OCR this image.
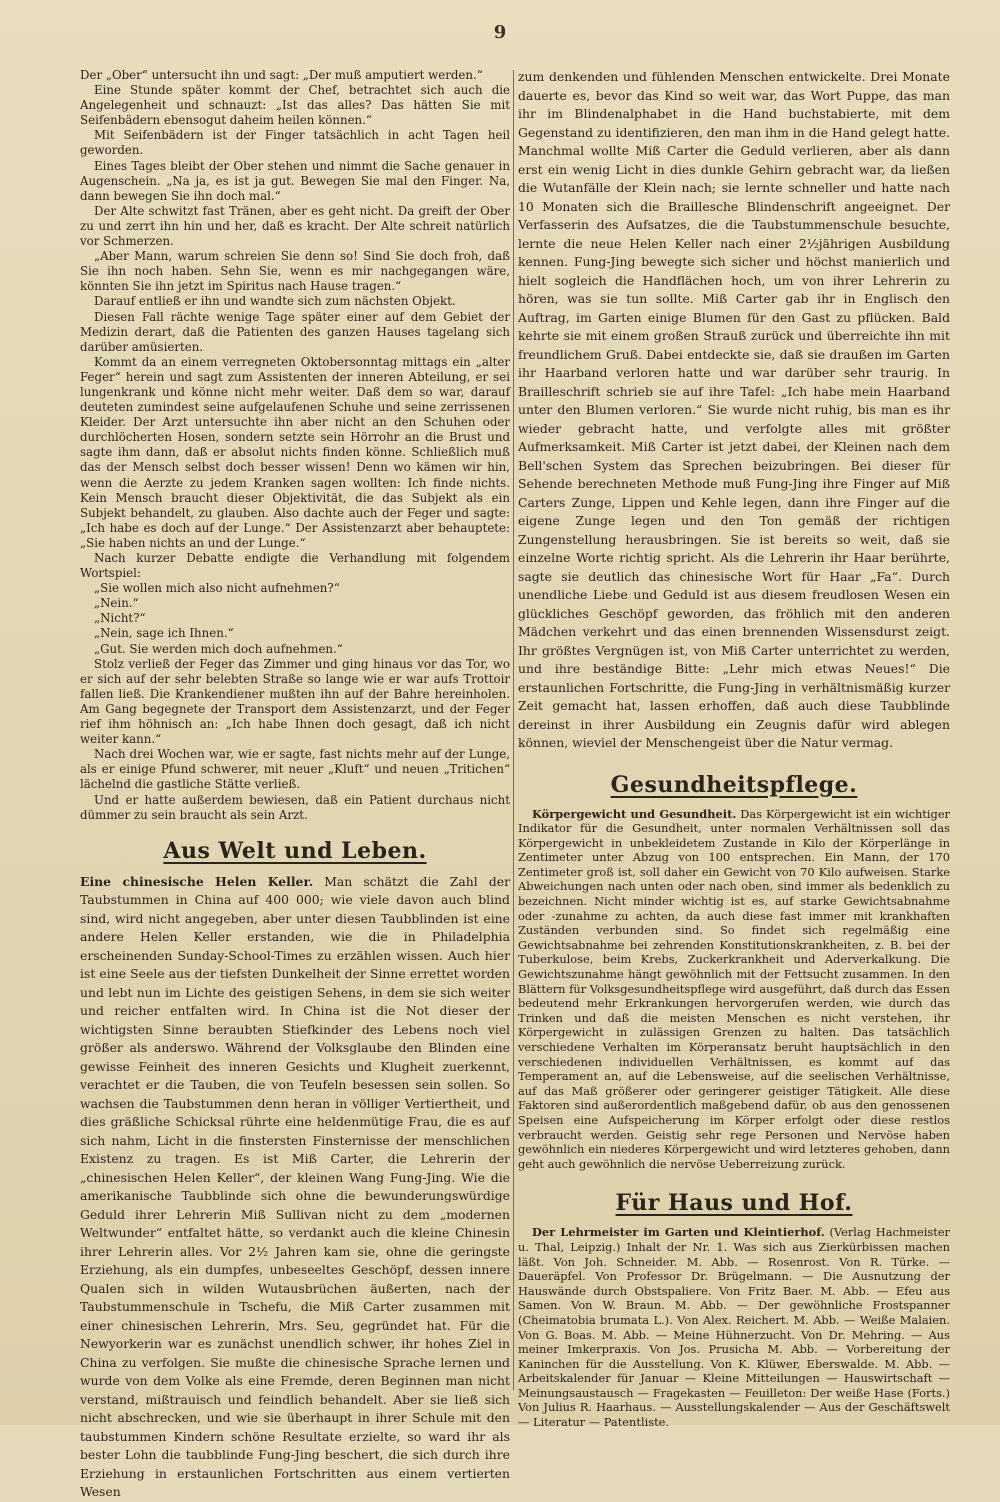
9

Der „Ober“ untersucht ihn und sagt: „Der muß amputiert werden.“

Eine Stunde später kommt der Chef, betrachtet sich auch die Angelegenheit und schnauzt: „Ist das alles? Das hätten Sie mit Seifenbädern ebensogut daheim heilen können.“

Mit Seifenbädern ist der Finger tatsächlich in acht Tagen heil geworden.

Eines Tages bleibt der Ober stehen und nimmt die Sache genauer in Augenschein. „Na ja, es ist ja gut. Bewegen Sie mal den Finger. Na, dann bewegen Sie ihn doch mal.“

Der Alte schwitzt fast Tränen, aber es geht nicht. Da greift der Ober zu und zerrt ihn hin und her, daß es kracht. Der Alte schreit natürlich vor Schmerzen.

„Aber Mann, warum schreien Sie denn so! Sind Sie doch froh, daß Sie ihn noch haben. Sehn Sie, wenn es mir nachgegangen wäre, könnten Sie ihn jetzt im Spiritus nach Hause tragen.“

Darauf entließ er ihn und wandte sich zum nächsten Objekt.

Diesen Fall rächte wenige Tage später einer auf dem Gebiet der Medizin derart, daß die Patienten des ganzen Hauses tagelang sich darüber amüsierten.

Kommt da an einem verregneten Oktobersonntag mittags ein „alter Feger“ herein und sagt zum Assistenten der inneren Abteilung, er sei lungenkrank und könne nicht mehr weiter. Daß dem so war, darauf deuteten zumindest seine aufgelaufenen Schuhe und seine zerrissenen Kleider. Der Arzt untersuchte ihn aber nicht an den Schuhen oder durchlöcherten Hosen, sondern setzte sein Hörrohr an die Brust und sagte ihm dann, daß er absolut nichts finden könne. Schließlich muß das der Mensch selbst doch besser wissen! Denn wo kämen wir hin, wenn die Aerzte zu jedem Kranken sagen wollten: Ich finde nichts. Kein Mensch braucht dieser Objektivität, die das Subjekt als ein Subjekt behandelt, zu glauben. Also dachte auch der Feger und sagte: „Ich habe es doch auf der Lunge.“ Der Assistenzarzt aber behauptete: „Sie haben nichts an und der Lunge.“

Nach kurzer Debatte endigte die Verhandlung mit folgendem Wortspiel:

„Sie wollen mich also nicht aufnehmen?“

„Nein.“

„Nicht?“

„Nein, sage ich Ihnen.“

„Gut. Sie werden mich doch aufnehmen.“

Stolz verließ der Feger das Zimmer und ging hinaus vor das Tor, wo er sich auf der sehr belebten Straße so lange wie er war aufs Trottoir fallen ließ. Die Krankendiener mußten ihn auf der Bahre hereinholen. Am Gang begegnete der Transport dem Assistenzarzt, und der Feger rief ihm höhnisch an: „Ich habe Ihnen doch gesagt, daß ich nicht weiter kann.“

Nach drei Wochen war, wie er sagte, fast nichts mehr auf der Lunge, als er einige Pfund schwerer, mit neuer „Kluft“ und neuen „Tritichen“ lächelnd die gastliche Stätte verließ.

Und er hatte außerdem bewiesen, daß ein Patient durchaus nicht dümmer zu sein braucht als sein Arzt.

Aus Welt und Leben.

Eine chinesische Helen Keller. Man schätzt die Zahl der Taubstummen in China auf 400 000; wie viele davon auch blind sind, wird nicht angegeben, aber unter diesen Taubblinden ist eine andere Helen Keller erstanden, wie die in Philadelphia erscheinenden Sunday-School-Times zu erzählen wissen. Auch hier ist eine Seele aus der tiefsten Dunkelheit der Sinne errettet worden und lebt nun im Lichte des geistigen Sehens, in dem sie sich weiter und reicher entfalten wird. In China ist die Not dieser der wichtigsten Sinne beraubten Stiefkinder des Lebens noch viel größer als anderswo. Während der Volksglaube den Blinden eine gewisse Feinheit des inneren Gesichts und Klugheit zuerkennt, verachtet er die Tauben, die von Teufeln besessen sein sollen. So wachsen die Taubstummen denn heran in völliger Vertiertheit, und dies gräßliche Schicksal rührte eine heldenmütige Frau, die es auf sich nahm, Licht in die finstersten Finsternisse der menschlichen Existenz zu tragen. Es ist Miß Carter, die Lehrerin der „chinesischen Helen Keller“, der kleinen Wang Fung-Jing. Wie die amerikanische Taubblinde sich ohne die bewunderungswürdige Geduld ihrer Lehrerin Miß Sullivan nicht zu dem „modernen Weltwunder“ entfaltet hätte, so verdankt auch die kleine Chinesin ihrer Lehrerin alles. Vor 2½ Jahren kam sie, ohne die geringste Erziehung, als ein dumpfes, unbeseeltes Geschöpf, dessen innere Qualen sich in wilden Wutausbrüchen äußerten, nach der Taubstummenschule in Tschefu, die Miß Carter zusammen mit einer chinesischen Lehrerin, Mrs. Seu, gegründet hat. Für die Newyorkerin war es zunächst unendlich schwer, ihr hohes Ziel in China zu verfolgen. Sie mußte die chinesische Sprache lernen und wurde von dem Volke als eine Fremde, deren Beginnen man nicht verstand, mißtrauisch und feindlich behandelt. Aber sie ließ sich nicht abschrecken, und wie sie überhaupt in ihrer Schule mit den taubstummen Kindern schöne Resultate erzielte, so ward ihr als bester Lohn die taubblinde Fung-Jing beschert, die sich durch ihre Erziehung in erstaunlichen Fortschritten aus einem vertierten Wesen

zum denkenden und fühlenden Menschen entwickelte. Drei Monate dauerte es, bevor das Kind so weit war, das Wort Puppe, das man ihr im Blindenalphabet in die Hand buchstabierte, mit dem Gegenstand zu identifizieren, den man ihm in die Hand gelegt hatte. Manchmal wollte Miß Carter die Geduld verlieren, aber als dann erst ein wenig Licht in dies dunkle Gehirn gebracht war, da ließen die Wutanfälle der Klein nach; sie lernte schneller und hatte nach 10 Monaten sich die Braillesche Blindenschrift angeeignet. Der Verfasserin des Aufsatzes, die die Taubstummenschule besuchte, lernte die neue Helen Keller nach einer 2½jährigen Ausbildung kennen. Fung-Jing bewegte sich sicher und höchst manierlich und hielt sogleich die Handflächen hoch, um von ihrer Lehrerin zu hören, was sie tun sollte. Miß Carter gab ihr in Englisch den Auftrag, im Garten einige Blumen für den Gast zu pflücken. Bald kehrte sie mit einem großen Strauß zurück und überreichte ihn mit freundlichem Gruß. Dabei entdeckte sie, daß sie draußen im Garten ihr Haarband verloren hatte und war darüber sehr traurig. In Brailleschrift schrieb sie auf ihre Tafel: „Ich habe mein Haarband unter den Blumen verloren.“ Sie wurde nicht ruhig, bis man es ihr wieder gebracht hatte, und verfolgte alles mit größter Aufmerksamkeit. Miß Carter ist jetzt dabei, der Kleinen nach dem Bell'schen System das Sprechen beizubringen. Bei dieser für Sehende berechneten Methode muß Fung-Jing ihre Finger auf Miß Carters Zunge, Lippen und Kehle legen, dann ihre Finger auf die eigene Zunge legen und den Ton gemäß der richtigen Zungenstellung herausbringen. Sie ist bereits so weit, daß sie einzelne Worte richtig spricht. Als die Lehrerin ihr Haar berührte, sagte sie deutlich das chinesische Wort für Haar „Fa“. Durch unendliche Liebe und Geduld ist aus diesem freudlosen Wesen ein glückliches Geschöpf geworden, das fröhlich mit den anderen Mädchen verkehrt und das einen brennenden Wissensdurst zeigt. Ihr größtes Vergnügen ist, von Miß Carter unterrichtet zu werden, und ihre beständige Bitte: „Lehr mich etwas Neues!“ Die erstaunlichen Fortschritte, die Fung-Jing in verhältnismäßig kurzer Zeit gemacht hat, lassen erhoffen, daß auch diese Taubblinde dereinst in ihrer Ausbildung ein Zeugnis dafür wird ablegen können, wieviel der Menschengeist über die Natur vermag.

Gesundheitspflege.

Körpergewicht und Gesundheit. Das Körpergewicht ist ein wichtiger Indikator für die Gesundheit, unter normalen Verhältnissen soll das Körpergewicht in unbekleidetem Zustande in Kilo der Körperlänge in Zentimeter unter Abzug von 100 entsprechen. Ein Mann, der 170 Zentimeter groß ist, soll daher ein Gewicht von 70 Kilo aufweisen. Starke Abweichungen nach unten oder nach oben, sind immer als bedenklich zu bezeichnen. Nicht minder wichtig ist es, auf starke Gewichtsabnahme oder -zunahme zu achten, da auch diese fast immer mit krankhaften Zuständen verbunden sind. So findet sich regelmäßig eine Gewichtsabnahme bei zehrenden Konstitutionskrankheiten, z. B. bei der Tuberkulose, beim Krebs, Zuckerkrankheit und Aderverkalkung. Die Gewichtszunahme hängt gewöhnlich mit der Fettsucht zusammen. In den Blättern für Volksgesundheitspflege wird ausgeführt, daß durch das Essen bedeutend mehr Erkrankungen hervorgerufen werden, wie durch das Trinken und daß die meisten Menschen es nicht verstehen, ihr Körpergewicht in zulässigen Grenzen zu halten. Das tatsächlich verschiedene Verhalten im Körperansatz beruht hauptsächlich in den verschiedenen individuellen Verhältnissen, es kommt auf das Temperament an, auf die Lebensweise, auf die seelischen Verhältnisse, auf das Maß größerer oder geringerer geistiger Tätigkeit. Alle diese Faktoren sind außerordentlich maßgebend dafür, ob aus den genossenen Speisen eine Aufspeicherung im Körper erfolgt oder diese restlos verbraucht werden. Geistig sehr rege Personen und Nervöse haben gewöhnlich ein niederes Körpergewicht und wird letzteres gehoben, dann geht auch gewöhnlich die nervöse Ueberreizung zurück.

Für Haus und Hof.

Der Lehrmeister im Garten und Kleintierhof. (Verlag Hachmeister u. Thal, Leipzig.) Inhalt der Nr. 1. Was sich aus Zierkürbissen machen läßt. Von Joh. Schneider. M. Abb. — Rosenrost. Von R. Türke. — Daueräpfel. Von Professor Dr. Brügelmann. — Die Ausnutzung der Hauswände durch Obstspaliere. Von Fritz Baer. M. Abb. — Efeu aus Samen. Von W. Braun. M. Abb. — Der gewöhnliche Frostspanner (Cheimatobia brumata L.). Von Alex. Reichert. M. Abb. — Weiße Malaien. Von G. Boas. M. Abb. — Meine Hühnerzucht. Von Dr. Mehring. — Aus meiner Imkerpraxis. Von Jos. Prusicha M. Abb. — Vorbereitung der Kaninchen für die Ausstellung. Von K. Klüwer, Eberswalde. M. Abb. — Arbeitskalender für Januar — Kleine Mitteilungen — Hauswirtschaft — Meinungsaustausch — Fragekasten — Feuilleton: Der weiße Hase (Forts.) Von Julius R. Haarhaus. — Ausstellungskalender — Aus der Geschäftswelt — Literatur — Patentliste.
